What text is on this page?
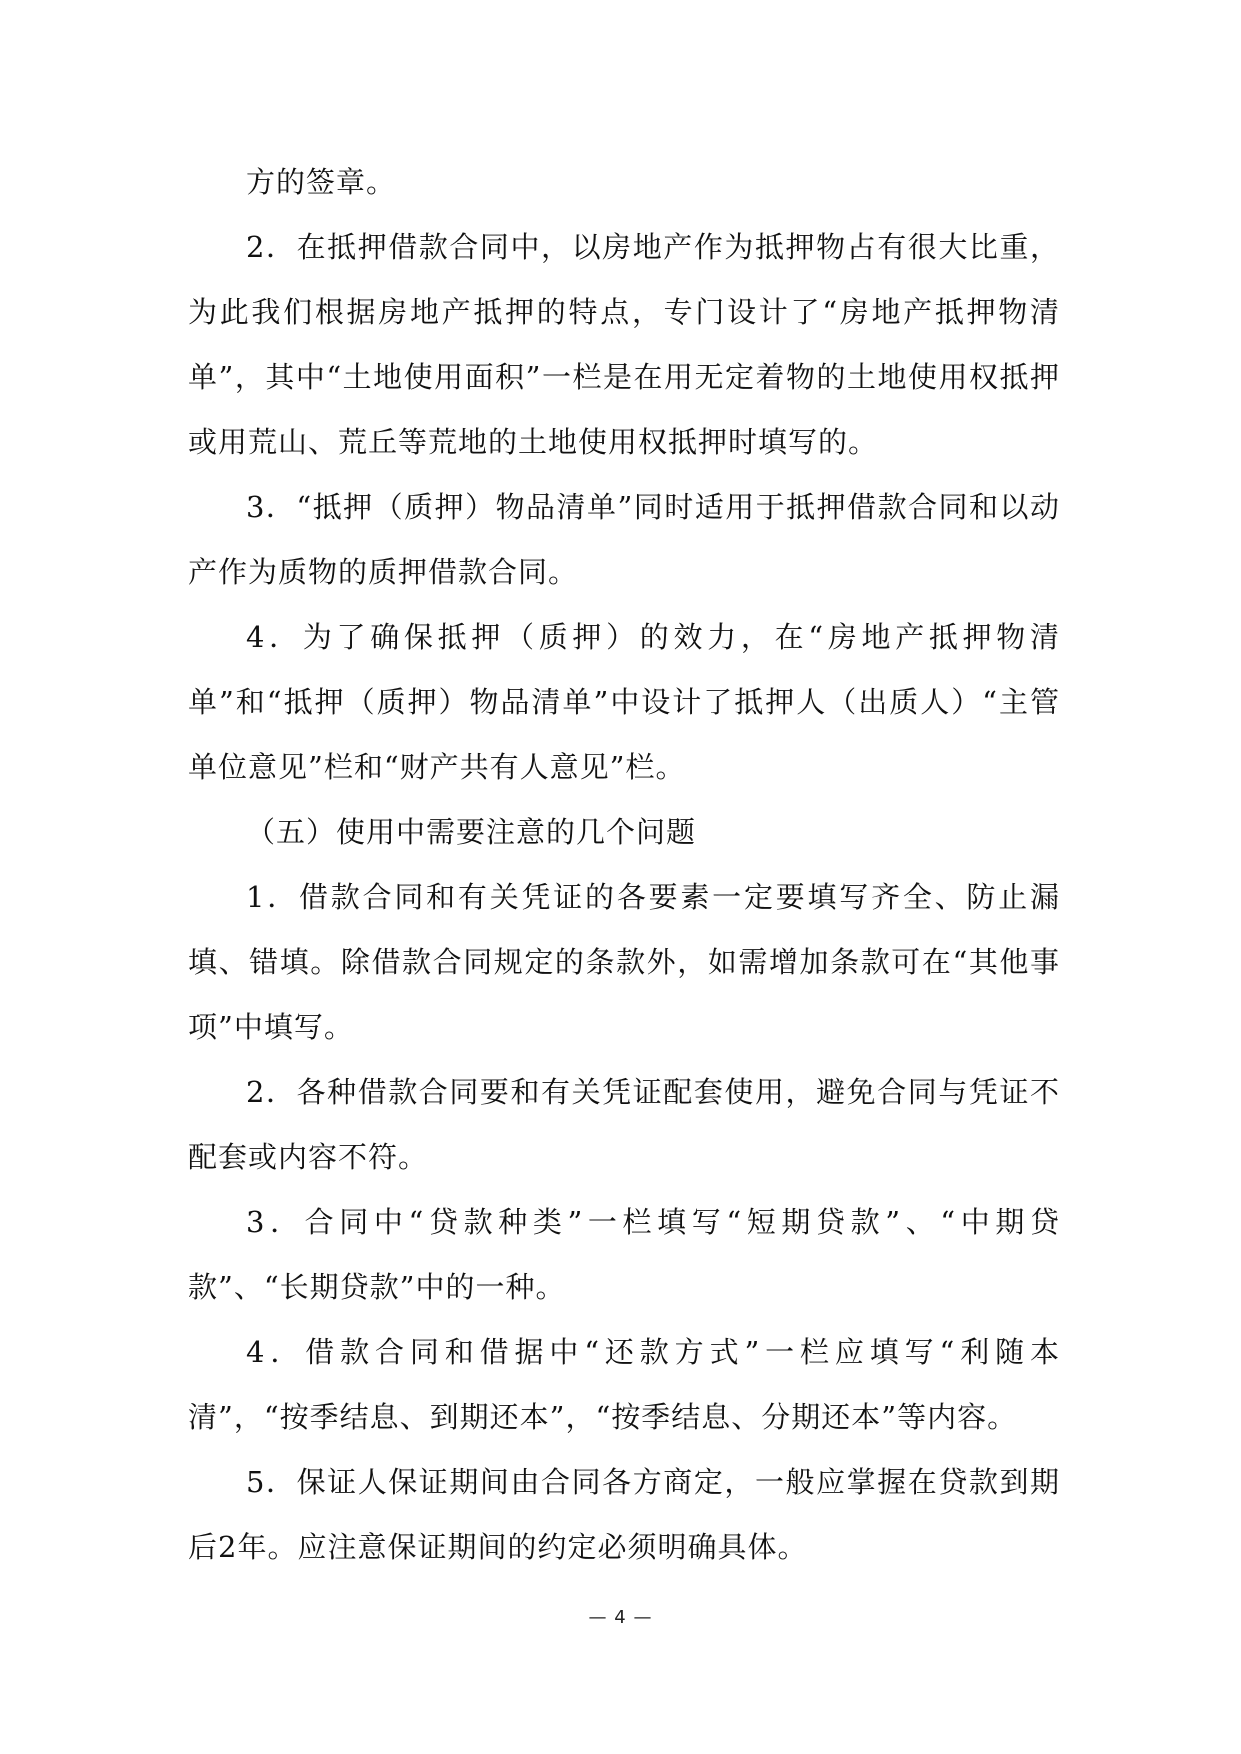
方的签章。

2．在抵押借款合同中，以房地产作为抵押物占有很大比重，为此我们根据房地产抵押的特点，专门设计了“房地产抵押物清单”，其中“土地使用面积”一栏是在用无定着物的土地使用权抵押或用荒山、荒丘等荒地的土地使用权抵押时填写的。

3．“抵押（质押）物品清单”同时适用于抵押借款合同和以动产作为质物的质押借款合同。

4．为了确保抵押（质押）的效力，在“房地产抵押物清单”和“抵押（质押）物品清单”中设计了抵押人（出质人）“主管单位意见”栏和“财产共有人意见”栏。

（五）使用中需要注意的几个问题

1．借款合同和有关凭证的各要素一定要填写齐全、防止漏填、错填。除借款合同规定的条款外，如需增加条款可在“其他事项”中填写。

2．各种借款合同要和有关凭证配套使用，避免合同与凭证不配套或内容不符。

3．合同中“贷款种类”一栏填写“短期贷款”、“中期贷款”、“长期贷款”中的一种。

4．借款合同和借据中“还款方式”一栏应填写“利随本清”，“按季结息、到期还本”，“按季结息、分期还本”等内容。

5．保证人保证期间由合同各方商定，一般应掌握在贷款到期后2年。应注意保证期间的约定必须明确具体。

— 4 —
